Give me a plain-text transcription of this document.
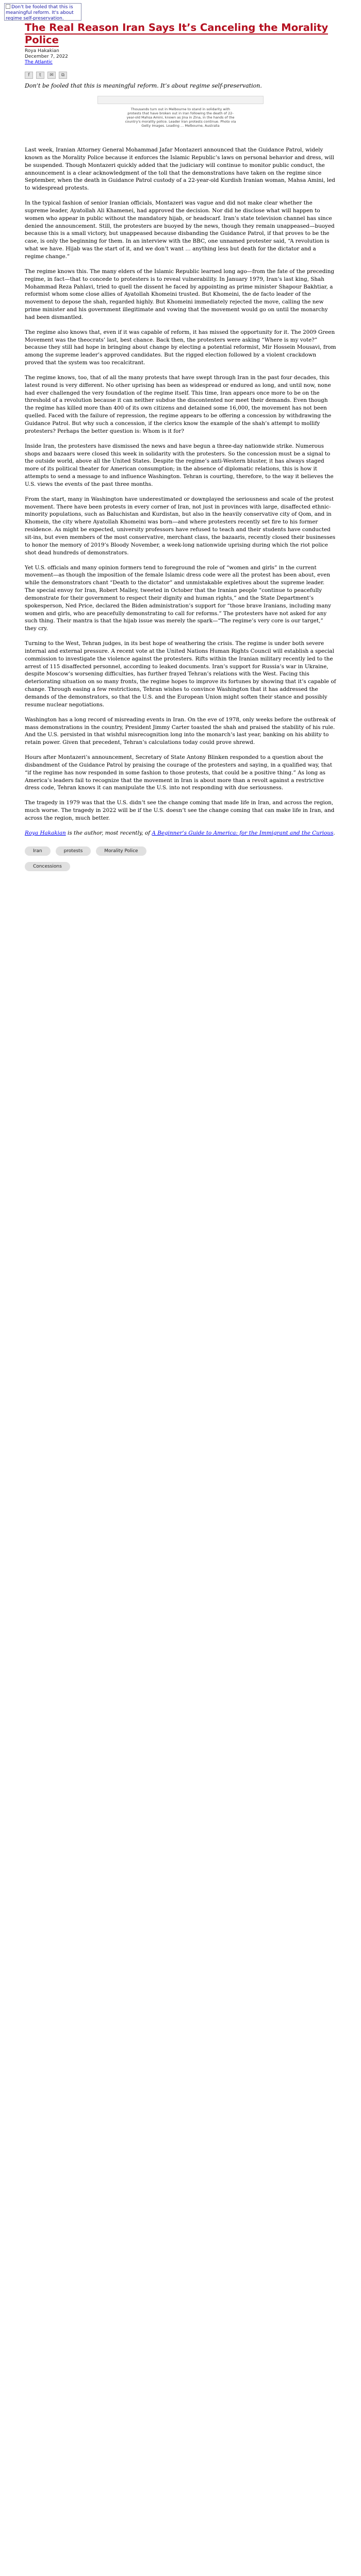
Don't be fooled that this is meaningful reform. It's about regime self-preservation.
The Real Reason Iran Says It’s Canceling the Morality Police
Roya Hakakian
December 7, 2022
The Atlantic
f t ✉ ⧉
Don’t be fooled that this is meaningful reform. It’s about regime self-preservation.
Thousands turn out in Melbourne to stand in solidarity with protests that have broken out in Iran following the death of 22-year-old Mahsa Amini, known as Jina in Zina, in the hands of the country's morality police. Leader Iran protests continue. Photo via Getty Images. Loading … Melbourne, Australia

Last week, Iranian Attorney General Mohammad Jafar Montazeri announced that the Guidance Patrol, widely known as the Morality Police because it enforces the Islamic Republic’s laws on personal behavior and dress, will be suspended. Though Montazeri quickly added that the judiciary will continue to monitor public conduct, the announcement is a clear acknowledgment of the toll that the demonstrations have taken on the regime since September, when the death in Guidance Patrol custody of a 22-year-old Kurdish Iranian woman, Mahsa Amini, led to widespread protests.

In the typical fashion of senior Iranian officials, Montazeri was vague and did not make clear whether the supreme leader, Ayatollah Ali Khamenei, had approved the decision. Nor did he disclose what will happen to women who appear in public without the mandatory hijab, or headscarf. Iran’s state television channel has since denied the announcement. Still, the protesters are buoyed by the news, though they remain unappeased—buoyed because this is a small victory, but unappeased because disbanding the Guidance Patrol, if that proves to be the case, is only the beginning for them. In an interview with the BBC, one unnamed protester said, “A revolution is what we have. Hijab was the start of it, and we don’t want … anything less but death for the dictator and a regime change.”

The regime knows this. The many elders of the Islamic Republic learned long ago—from the fate of the preceding regime, in fact—that to concede to protesters is to reveal vulnerability. In January 1979, Iran’s last king, Shah Mohammad Reza Pahlavi, tried to quell the dissent he faced by appointing as prime minister Shapour Bakhtiar, a reformist whom some close allies of Ayatollah Khomeini trusted. But Khomeini, the de facto leader of the movement to depose the shah, regarded highly. But Khomeini immediately rejected the move, calling the new prime minister and his government illegitimate and vowing that the movement would go on until the monarchy had been dismantled.

The regime also knows that, even if it was capable of reform, it has missed the opportunity for it. The 2009 Green Movement was the theocrats’ last, best chance. Back then, the protesters were asking “Where is my vote?” because they still had hope in bringing about change by electing a potential reformist, Mir Hossein Mousavi, from among the supreme leader’s approved candidates. But the rigged election followed by a violent crackdown proved that the system was too recalcitrant.

The regime knows, too, that of all the many protests that have swept through Iran in the past four decades, this latest round is very different. No other uprising has been as widespread or endured as long, and until now, none had ever challenged the very foundation of the regime itself. This time, Iran appears once more to be on the threshold of a revolution because it can neither subdue the discontented nor meet their demands. Even though the regime has killed more than 400 of its own citizens and detained some 16,000, the movement has not been quelled. Faced with the failure of repression, the regime appears to be offering a concession by withdrawing the Guidance Patrol. But why such a concession, if the clerics know the example of the shah’s attempt to mollify protesters? Perhaps the better question is: Whom is it for?

Inside Iran, the protesters have dismissed the news and have begun a three-day nationwide strike. Numerous shops and bazaars were closed this week in solidarity with the protesters. So the concession must be a signal to the outside world, above all the United States. Despite the regime’s anti-Western bluster, it has always staged more of its political theater for American consumption; in the absence of diplomatic relations, this is how it attempts to send a message to and influence Washington. Tehran is courting, therefore, to the way it believes the U.S. views the events of the past three months.

From the start, many in Washington have underestimated or downplayed the seriousness and scale of the protest movement. There have been protests in every corner of Iran, not just in provinces with large, disaffected ethnic-minority populations, such as Baluchistan and Kurdistan, but also in the heavily conservative city of Qom, and in Khomein, the city where Ayatollah Khomeini was born—and where protesters recently set fire to his former residence. As might be expected, university professors have refused to teach and their students have conducted sit-ins, but even members of the most conservative, merchant class, the bazaaris, recently closed their businesses to honor the memory of 2019’s Bloody November, a week-long nationwide uprising during which the riot police shot dead hundreds of demonstrators.

Yet U.S. officials and many opinion formers tend to foreground the role of “women and girls” in the current movement—as though the imposition of the female Islamic dress code were all the protest has been about, even while the demonstrators chant “Death to the dictator” and unmistakable expletives about the supreme leader. The special envoy for Iran, Robert Malley, tweeted in October that the Iranian people “continue to peacefully demonstrate for their government to respect their dignity and human rights,” and the State Department’s spokesperson, Ned Price, declared the Biden administration’s support for “those brave Iranians, including many women and girls, who are peacefully demonstrating to call for reforms.” The protesters have not asked for any such thing. Their mantra is that the hijab issue was merely the spark—“The regime’s very core is our target,” they cry.

Turning to the West, Tehran judges, in its best hope of weathering the crisis. The regime is under both severe internal and external pressure. A recent vote at the United Nations Human Rights Council will establish a special commission to investigate the violence against the protesters. Rifts within the Iranian military recently led to the arrest of 115 disaffected personnel, according to leaked documents. Iran’s support for Russia’s war in Ukraine, despite Moscow’s worsening difficulties, has further frayed Tehran’s relations with the West. Facing this deteriorating situation on so many fronts, the regime hopes to improve its fortunes by showing that it’s capable of change. Through easing a few restrictions, Tehran wishes to convince Washington that it has addressed the demands of the demonstrators, so that the U.S. and the European Union might soften their stance and possibly resume nuclear negotiations.

Washington has a long record of misreading events in Iran. On the eve of 1978, only weeks before the outbreak of mass demonstrations in the country, President Jimmy Carter toasted the shah and praised the stability of his rule. And the U.S. persisted in that wishful misrecognition long into the monarch’s last year, banking on his ability to retain power. Given that precedent, Tehran’s calculations today could prove shrewd.

Hours after Montazeri’s announcement, Secretary of State Antony Blinken responded to a question about the disbandment of the Guidance Patrol by praising the courage of the protesters and saying, in a qualified way, that “if the regime has now responded in some fashion to those protests, that could be a positive thing.” As long as America’s leaders fail to recognize that the movement in Iran is about more than a revolt against a restrictive dress code, Tehran knows it can manipulate the U.S. into not responding with due seriousness.

The tragedy in 1979 was that the U.S. didn’t see the change coming that made life in Iran, and across the region, much worse. The tragedy in 2022 will be if the U.S. doesn’t see the change coming that can make life in Iran, and across the region, much better.

Roya Hakakian is the author, most recently, of A Beginner’s Guide to America: for the Immigrant and the Curious.
Iran	protests	Morality Police
Concessions
